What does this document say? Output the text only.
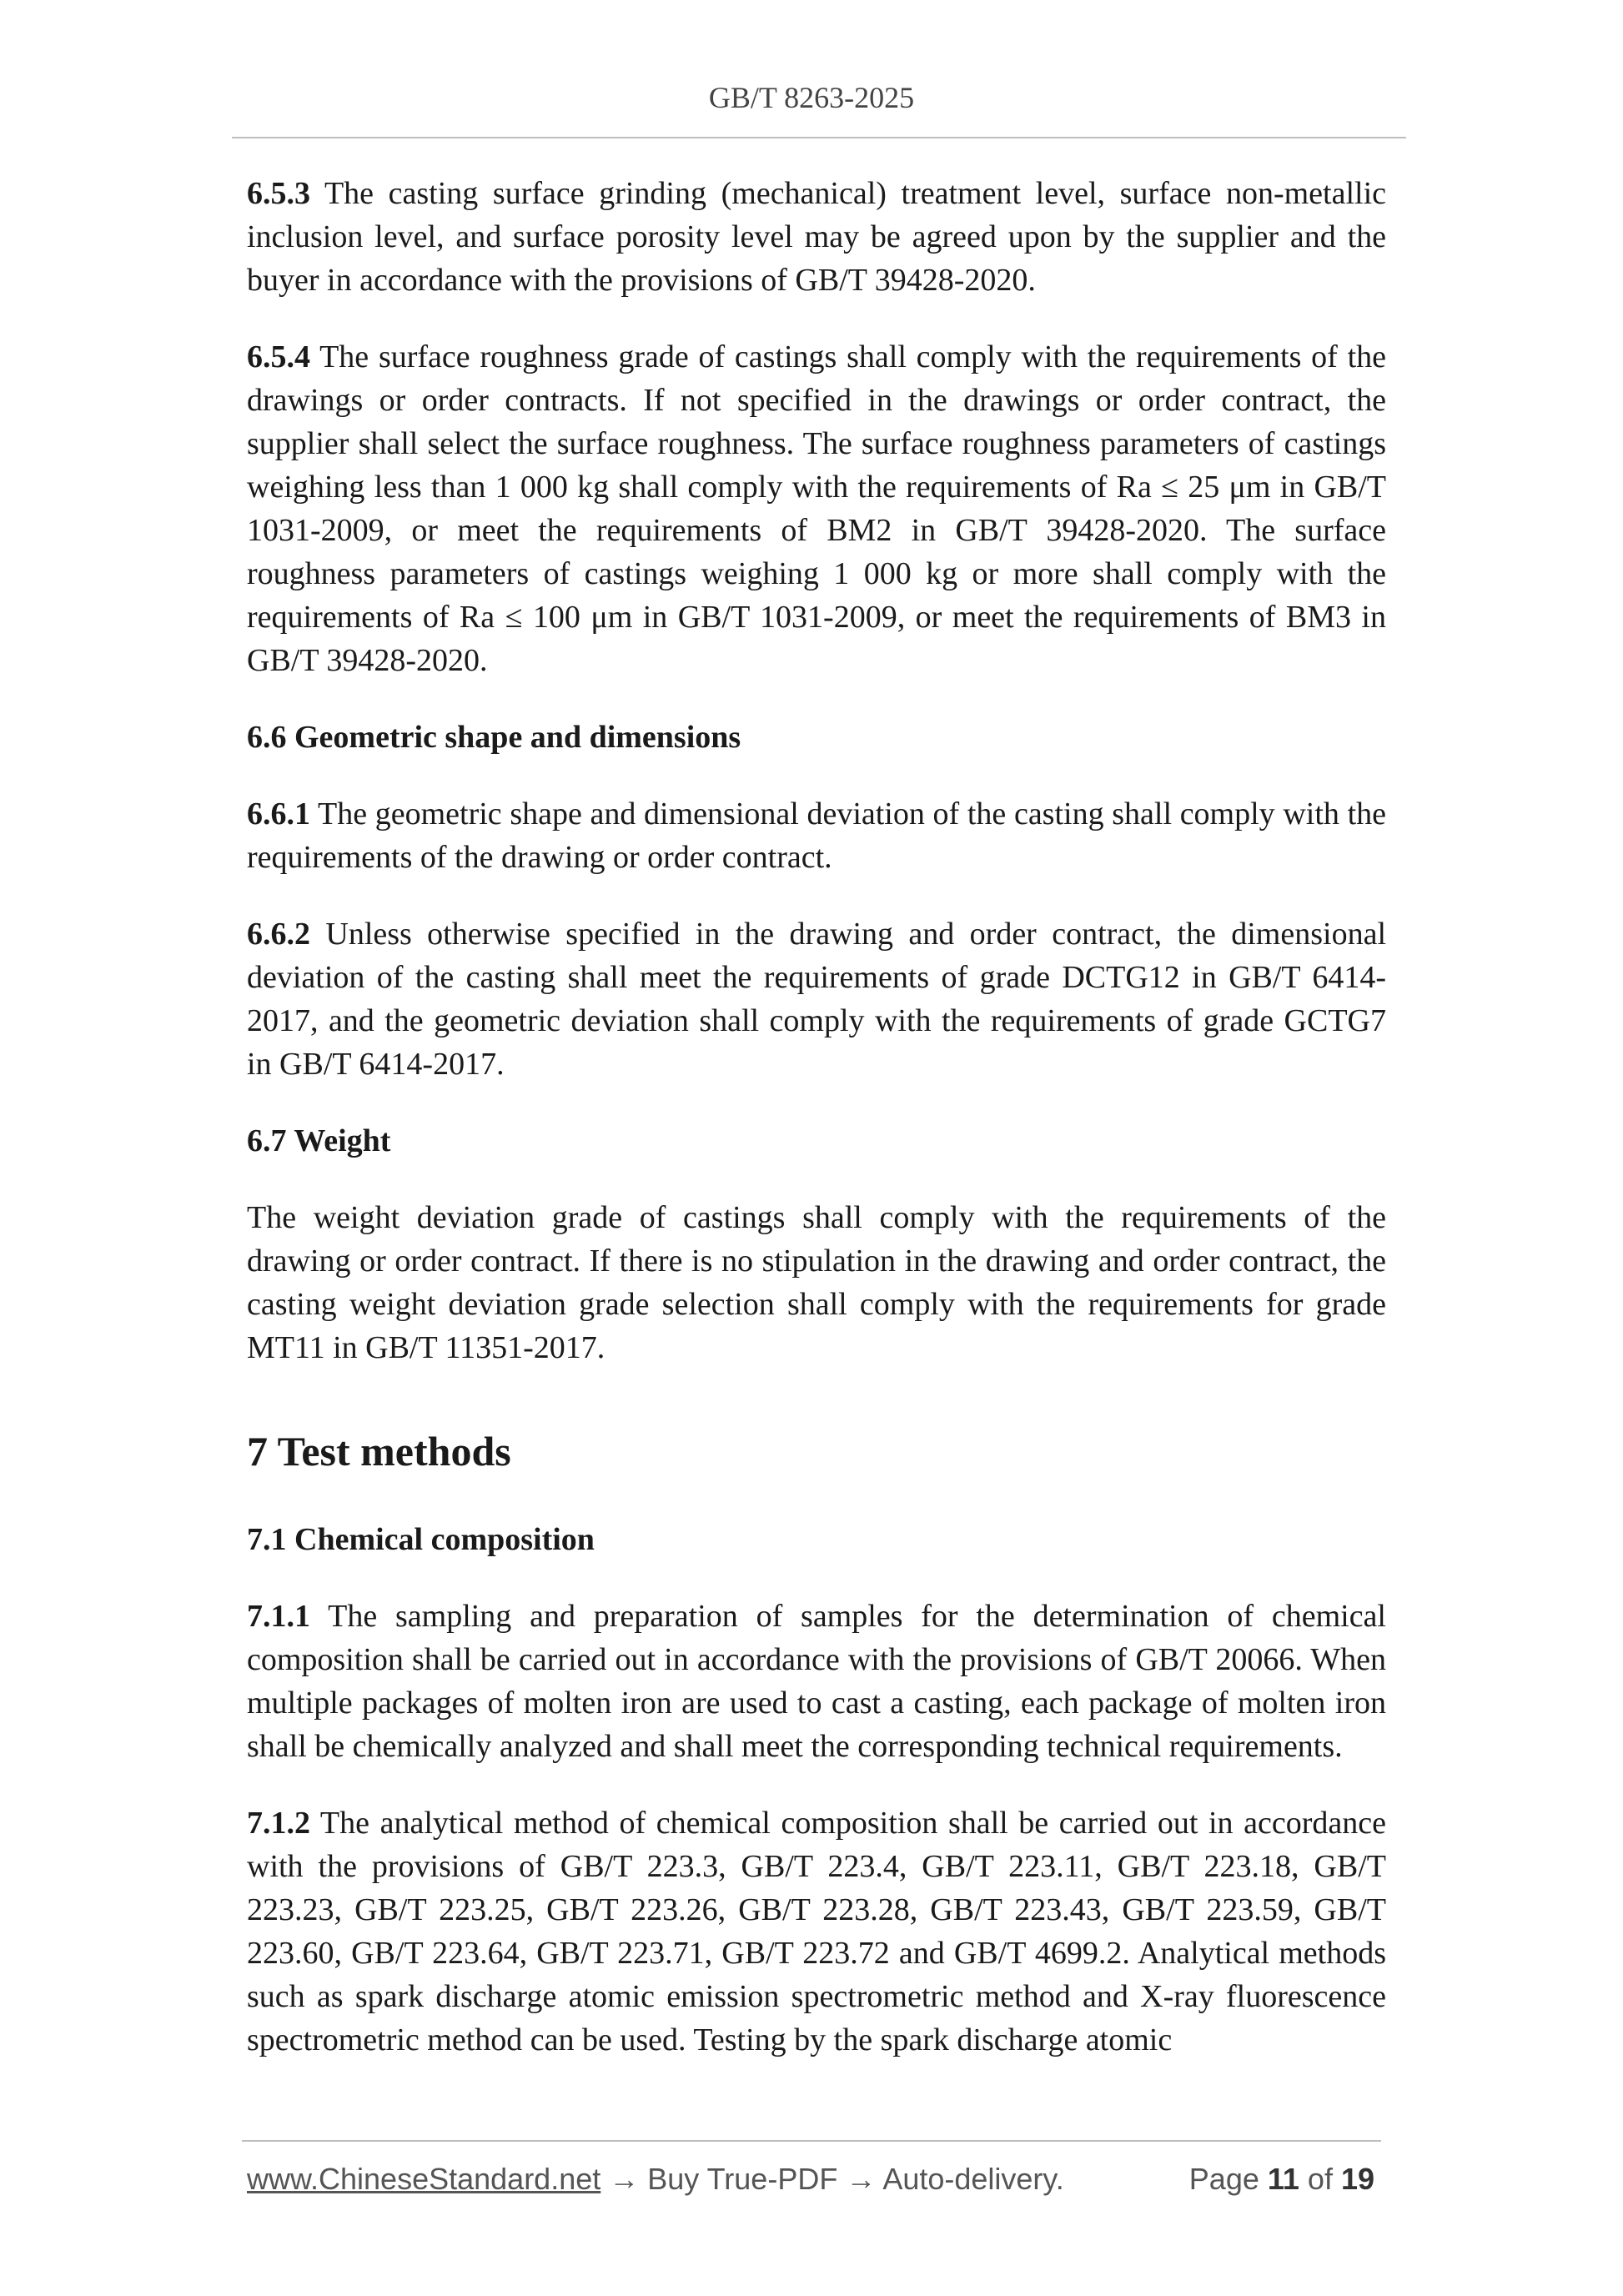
GB/T 8263-2025

6.5.3 The casting surface grinding (mechanical) treatment level, surface non-metallic inclusion level, and surface porosity level may be agreed upon by the supplier and the buyer in accordance with the provisions of GB/T 39428-2020.

6.5.4 The surface roughness grade of castings shall comply with the requirements of the drawings or order contracts. If not specified in the drawings or order contract, the supplier shall select the surface roughness. The surface roughness parameters of castings weighing less than 1 000 kg shall comply with the requirements of Ra ≤ 25 μm in GB/T 1031-2009, or meet the requirements of BM2 in GB/T 39428-2020. The surface roughness parameters of castings weighing 1 000 kg or more shall comply with the requirements of Ra ≤ 100 μm in GB/T 1031-2009, or meet the requirements of BM3 in GB/T 39428-2020.

6.6 Geometric shape and dimensions

6.6.1 The geometric shape and dimensional deviation of the casting shall comply with the requirements of the drawing or order contract.

6.6.2 Unless otherwise specified in the drawing and order contract, the dimensional deviation of the casting shall meet the requirements of grade DCTG12 in GB/T 6414-2017, and the geometric deviation shall comply with the requirements of grade GCTG7 in GB/T 6414-2017.

6.7 Weight

The weight deviation grade of castings shall comply with the requirements of the drawing or order contract. If there is no stipulation in the drawing and order contract, the casting weight deviation grade selection shall comply with the requirements for grade MT11 in GB/T 11351-2017.

7 Test methods
7.1 Chemical composition

7.1.1 The sampling and preparation of samples for the determination of chemical composition shall be carried out in accordance with the provisions of GB/T 20066. When multiple packages of molten iron are used to cast a casting, each package of molten iron shall be chemically analyzed and shall meet the corresponding technical requirements.

7.1.2 The analytical method of chemical composition shall be carried out in accordance with the provisions of GB/T 223.3, GB/T 223.4, GB/T 223.11, GB/T 223.18, GB/T 223.23, GB/T 223.25, GB/T 223.26, GB/T 223.28, GB/T 223.43, GB/T 223.59, GB/T 223.60, GB/T 223.64, GB/T 223.71, GB/T 223.72 and GB/T 4699.2. Analytical methods such as spark discharge atomic emission spectrometric method and X-ray fluorescence spectrometric method can be used. Testing by the spark discharge atomic

www.ChineseStandard.net → Buy True-PDF → Auto-delivery.	Page 11 of 19
